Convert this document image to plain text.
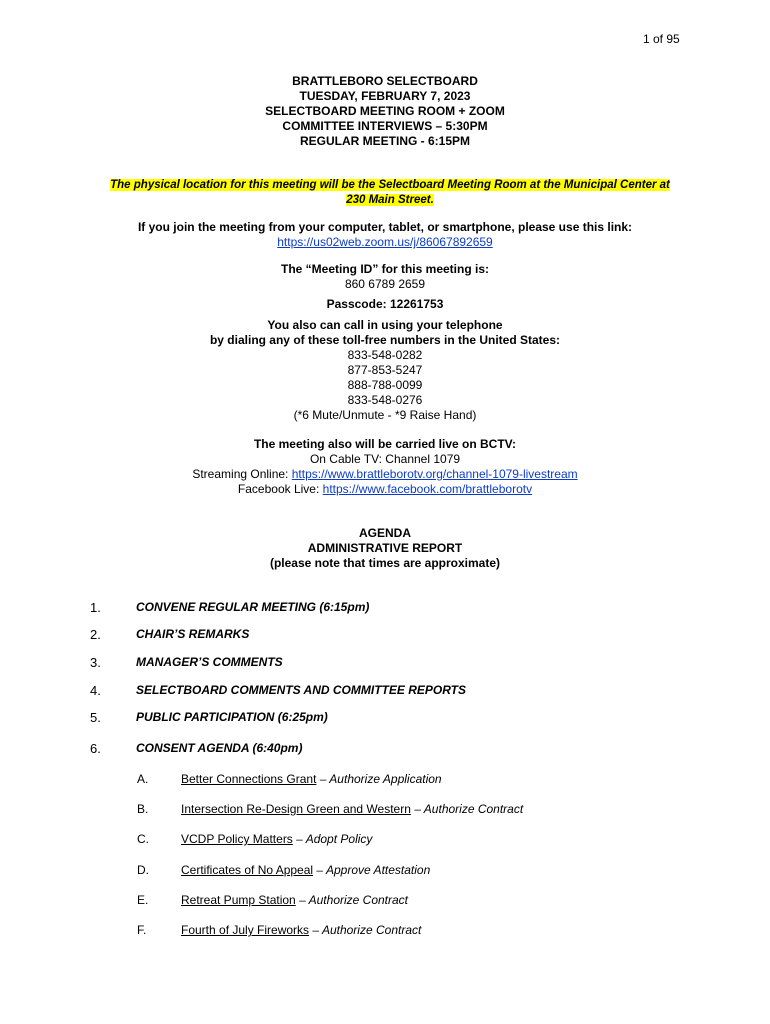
1 of 95
BRATTLEBORO SELECTBOARD
TUESDAY, FEBRUARY 7, 2023
SELECTBOARD MEETING ROOM + ZOOM
COMMITTEE INTERVIEWS – 5:30PM
REGULAR MEETING - 6:15PM
The physical location for this meeting will be the Selectboard Meeting Room at the Municipal Center at
230 Main Street.
If you join the meeting from your computer, tablet, or smartphone, please use this link:
https://us02web.zoom.us/j/86067892659
The “Meeting ID” for this meeting is:
860 6789 2659
Passcode: 12261753
You also can call in using your telephone
by dialing any of these toll-free numbers in the United States:
833-548-0282
877-853-5247
888-788-0099
833-548-0276
(*6 Mute/Unmute - *9 Raise Hand)
The meeting also will be carried live on BCTV:
On Cable TV: Channel 1079
Streaming Online: https://www.brattleborotv.org/channel-1079-livestream
Facebook Live: https://www.facebook.com/brattleborotv
AGENDA
ADMINISTRATIVE REPORT
(please note that times are approximate)
1.	CONVENE REGULAR MEETING (6:15pm)
2.	CHAIR’S REMARKS
3.	MANAGER’S COMMENTS
4.	SELECTBOARD COMMENTS AND COMMITTEE REPORTS
5.	PUBLIC PARTICIPATION (6:25pm)
6.	CONSENT AGENDA (6:40pm)
A.	Better Connections Grant – Authorize Application
B.	Intersection Re-Design Green and Western – Authorize Contract
C.	VCDP Policy Matters – Adopt Policy
D.	Certificates of No Appeal – Approve Attestation
E.	Retreat Pump Station – Authorize Contract
F.	Fourth of July Fireworks – Authorize Contract
